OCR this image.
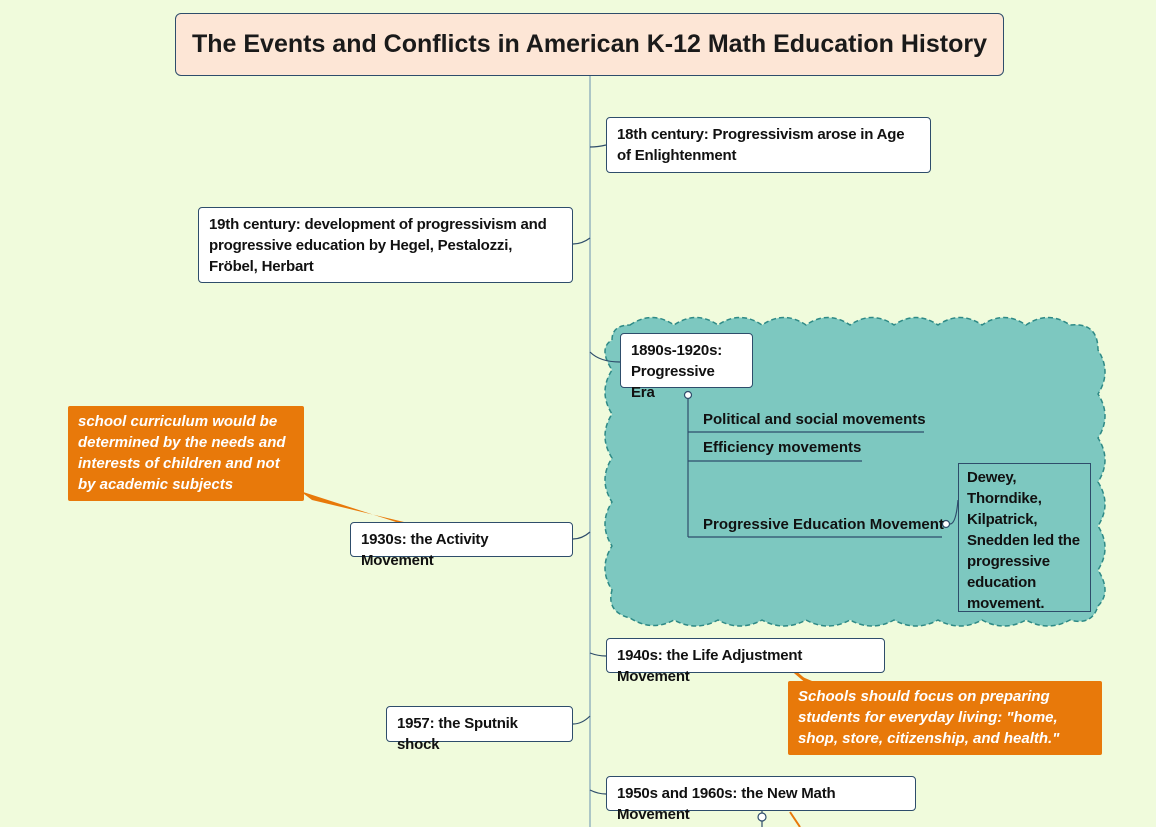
The Events and Conflicts in American K-12 Math Education History
18th century: Progressivism arose in Age of Enlightenment
19th century: development of progressivism and progressive education by Hegel, Pestalozzi, Fröbel, Herbart
1890s-1920s: Progressive Era
Political and social movements
Efficiency movements
Progressive Education Movement
Dewey, Thorndike, Kilpatrick, Snedden led the progressive education movement.
1930s: the Activity Movement
school curriculum would be determined by the needs and interests of children and not by academic subjects
1940s: the Life Adjustment Movement
Schools should focus on preparing students for everyday living: "home, shop, store, citizenship, and health."
1957: the Sputnik shock
1950s and 1960s: the New Math Movement
